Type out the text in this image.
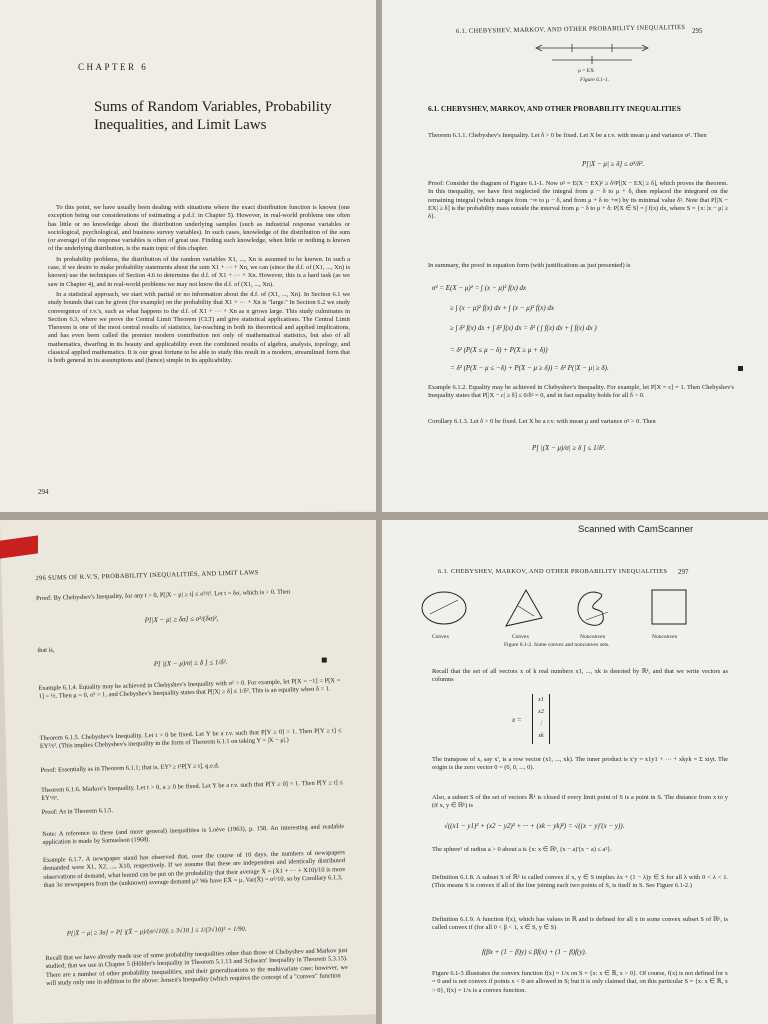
CHAPTER 6
Sums of Random Variables, Probability Inequalities, and Limit Laws

To this point, we have usually been dealing with situations where the exact distribution function is known (one exception being our considerations of estimating a p.d.f. in Chapter 5). However, in real-world problems one often has little or no knowledge about the distribution underlying samples (such as industrial response variables or sociological, psychological, and business survey variables). In such cases, knowledge of the distribution of the sum (or average) of the response variables is often of great use. Finding such knowledge, when little or nothing is known of the underlying distribution, is the main topic of this chapter.

In probability problems, the distribution of the random variables X1, ..., Xn is assumed to be known. In such a case, if we desire to make probability statements about the sum X1 + ··· + Xn, we can (since the d.f. of (X1, ..., Xn) is known) use the techniques of Section 4.6 to determine the d.f. of X1 + ··· + Xn. However, this is a hard task (as we saw in Chapter 4), and in real-world problems we may not know the d.f. of (X1, ..., Xn).

In a statistical approach, we start with partial or no information about the d.f. of (X1, ..., Xn). In Section 6.1 we study bounds that can be given (for example) on the probability that X1 + ··· + Xn is "large." In Section 6.2 we study convergence of r.v.'s, such as what happens to the d.f. of X1 + ··· + Xn as n grows large. This study culminates in Section 6.3, where we prove the Central Limit Theorem (CLT) and give statistical applications. The Central Limit Theorem is one of the most central results of statistics, far-reaching in both its theoretical and applied implications, and has even been called the premier modern contribution not only of mathematical statistics, but also of all mathematics, dwarfing in its beauty and applicability even the combined results of algebra, analysis, topology, and classical applied mathematics. It is our great fortune to be able to study this result in a modern, streamlined form that is both general in its assumptions and (hence) simple in its applicability.

294
6.1. CHEBYSHEV, MARKOV, AND OTHER PROBABILITY INEQUALITIES 295
μ = EX
Figure 6.1-1.
6.1. CHEBYSHEV, MARKOV, AND OTHER PROBABILITY INEQUALITIES
Theorem 6.1.1. Chebyshev's Inequality. Let δ > 0 be fixed. Let X be a r.v. with mean μ and variance σ². Then
P[|X − μ| ≥ δ] ≤ σ²/δ².
Proof: Consider the diagram of Figure 6.1-1. Now σ² = E(X − EX)² ≥ δ²P[|X − EX| ≥ δ], which proves the theorem. In this inequality, we have first neglected the integral from μ − δ to μ + δ, then replaced the integrand on the remaining integral (which ranges from −∞ to μ − δ, and from μ + δ to +∞) by its minimal value δ². Note that P[|X − EX| ≥ δ] is the probability mass outside the interval from μ − δ to μ + δ: P[X ∈ S] = ∫ f(x) dx, where S = {x: |x − μ| ≥ δ}.
In summary, the proof in equation form (with justifications as just presented) is
σ² = E(X − μ)² = ∫ (x − μ)² f(x) dx
≥ ∫ (x − μ)² f(x) dx + ∫ (x − μ)² f(x) dx
≥ ∫ δ² f(x) dx + ∫ δ² f(x) dx = δ² ( ∫ f(x) dx + ∫ f(x) dx )
= δ² (P(X ≤ μ − δ) + P(X ≥ μ + δ))
= δ² (P(X − μ ≤ −δ) + P(X − μ ≥ δ)) = δ² P(|X − μ| ≥ δ).
Example 6.1.2. Equality may be achieved in Chebyshev's Inequality. For example, let P[X = c] = 1. Then Chebyshev's Inequality states that P[|X − c| ≥ δ] ≤ 0/δ² = 0, and in fact equality holds for all δ > 0.
Corollary 6.1.3. Let δ > 0 be fixed. Let X be a r.v. with mean μ and variance σ² > 0. Then
P[ |(X − μ)/σ| ≥ δ ] ≤ 1/δ².
296 SUMS OF R.V.'S, PROBABILITY INEQUALITIES, AND LIMIT LAWS
Proof: By Chebyshev's Inequality, for any t > 0, P[|X − μ| ≥ t] ≤ σ²/t². Let t = δσ, which is > 0. Then
P[|X − μ| ≥ δσ] ≤ σ²/(δσ)²,
that is,
P[ |(X − μ)/σ| ≥ δ ] ≤ 1/δ².
Example 6.1.4. Equality may be achieved in Chebyshev's Inequality with σ² > 0. For example, let P[X = −1] = P[X = 1] = ½. Then μ = 0, σ² = 1, and Chebyshev's Inequality states that P[|X| ≥ δ] ≤ 1/δ². This is an equality when δ = 1.
Theorem 6.1.5. Chebyshev's Inequality. Let t > 0 be fixed. Let Y be a r.v. such that P[Y ≥ 0] = 1. Then P[Y ≥ t] ≤ EY²/t². (This implies Chebyshev's inequality in the form of Theorem 6.1.1 on taking Y = |X − μ|.)
Proof: Essentially as in Theorem 6.1.1; that is, EY² ≥ t²P[Y ≥ t], q.e.d.
Theorem 6.1.6. Markov's Inequality. Let t > 0, a ≥ 0 be fixed. Let Y be a r.v. such that P[Y ≥ 0] = 1. Then P[Y ≥ t] ≤ EYᵃ/tᵃ.
Proof: As in Theorem 6.1.5.
Note: A reference to these (and more general) inequalities is Loève (1963), p. 158. An interesting and readable application is made by Samuelson (1968).
Example 6.1.7. A newspaper stand has observed that, over the course of 10 days, the numbers of newspapers demanded were X1, X2, ..., X10, respectively. If we assume that these are independent and identically distributed observations of demand, what bound can be put on the probability that their average X̄ = (X1 + ··· + X10)/10 is more than 3σ newspapers from the (unknown) average demand μ? We have EX̄ = μ, Var(X̄) = σ²/10, so by Corollary 6.1.3,
P[|X̄ − μ| ≥ 3σ] = P[ |(X̄ − μ)/(σ/√10)| ≥ 3√10 ] ≤ 1/(3√10)² = 1/90.
Recall that we have already made use of some probability inequalities other than those of Chebyshev and Markov just studied; that we use in Chapter 5 (Hölder's Inequality in Theorem 5.1.13 and Schwarz' Inequality in Theorem 5.3.15). There are a number of other probability inequalities, and their generalizations to the multivariate case; however, we will study only one in addition to the above: Jensen's Inequality (which requires the concept of a "convex" function
6.1. CHEBYSHEV, MARKOV, AND OTHER PROBABILITY INEQUALITIES 297
Convex	Convex	Nonconvex	Nonconvex
Figure 6.1-2. Some convex and nonconvex sets.
Recall that the set of all vectors x of k real numbers x1, ..., xk is denoted by ℝᵏ, and that we write vectors as columns
x =
x1
x2
⋮
xk
The transpose of x, say x′, is a row vector (x1, ..., xk). The inner product is x′y = x1y1 + ··· + xkyk = Σ xiyi. The origin is the zero vector 0 = (0, 0, ..., 0).
Also, a subset S of the set of vectors ℝᵏ is closed if every limit point of S is a point in S. The distance from x to y (if x, y ∈ ℝᵏ) is
√((x1 − y1)² + (x2 − y2)² + ··· + (xk − yk)²) = √((x − y)′(x − y)).
The sphere¹ of radius a > 0 about a is {x: x ∈ ℝᵏ, (x − a)′(x − a) ≤ a²}.
Definition 6.1.8. A subset S of ℝᵏ is called convex if x, y ∈ S implies λx + (1 − λ)y ∈ S for all λ with 0 < λ < 1. (This means S is convex if all of the line joining each two points of S, is itself in S. See Figure 6.1-2.)
Definition 6.1.9. A function f(x), which has values in ℝ and is defined for all x in some convex subset S of ℝᵏ, is called convex if (for all 0 < β < 1, x ∈ S, y ∈ S)
f(βx + (1 − β)y) ≤ βf(x) + (1 − β)f(y).
Figure 6.1-3 illustrates the convex function f(x) = 1/x on S = {x: x ∈ ℝ, x > 0}. Of course, f(x) is not defined for x = 0 and is not convex if points x < 0 are allowed in S; but it is only claimed that, on this particular S = {x: x ∈ ℝ, x > 0}, f(x) = 1/x is a convex function.
Scanned with CamScanner
